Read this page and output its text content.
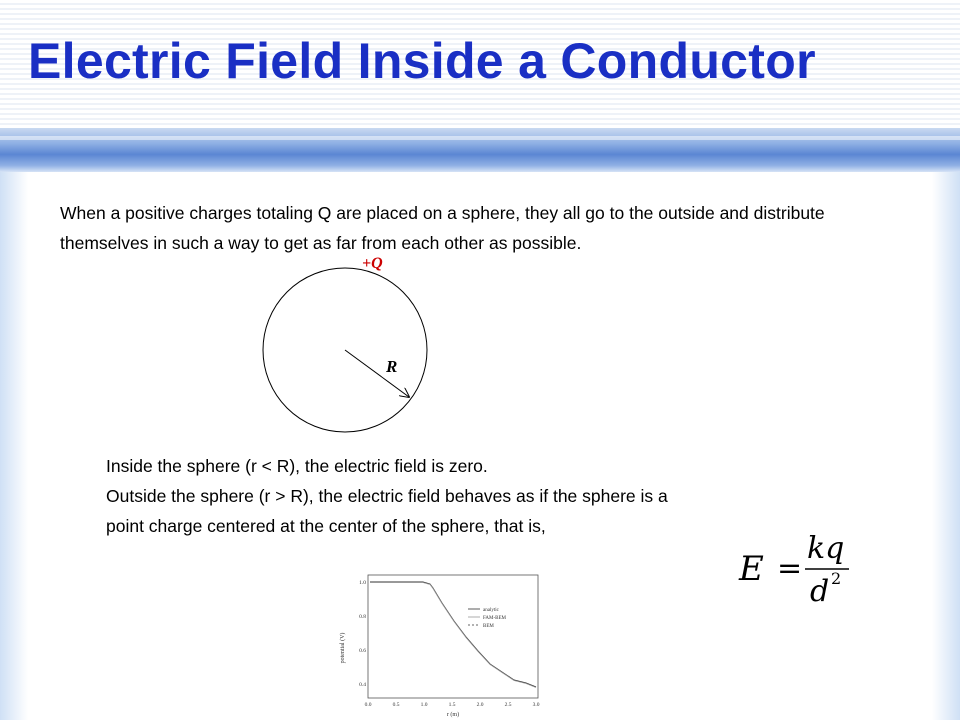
Electric Field Inside a Conductor
When a positive charges totaling Q are placed on a sphere, they all go to the outside and distribute themselves in such a way to get as far from each other as possible.
+Q
R
Inside the sphere (r < R), the electric field is zero.
Outside the sphere (r > R), the electric field behaves as if the sphere is a
point charge centered at the center of the sphere, that is,
E =
kq
d 2
potential (V)
r (m)
1.0
0.8
0.6
0.4
0.0	0.5	1.0	1.5	2.0	2.5	3.0
analytic
FAM-BEM
BEM
